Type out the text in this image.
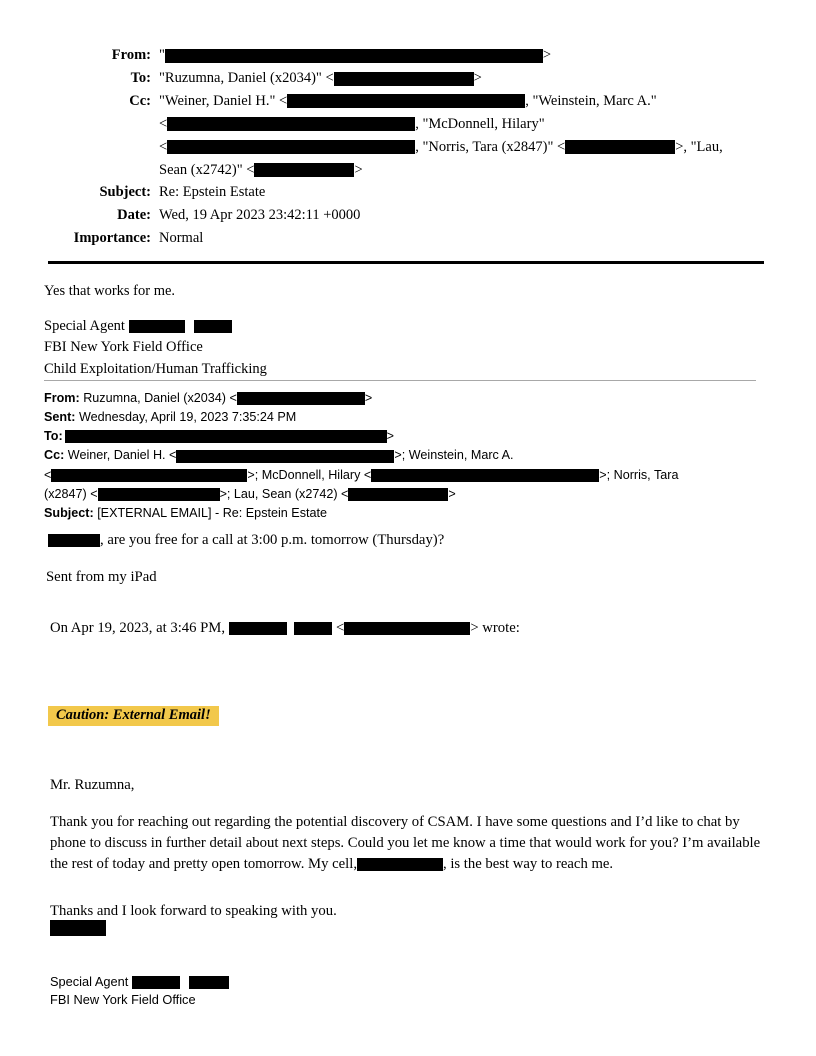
From: "	>
To: "Ruzumna, Daniel (x2034)" <	>
Cc: "Weiner, Daniel H." <	, "Weinstein, Marc A."
<	, "McDonnell, Hilary"
<	, "Norris, Tara (x2847)" <	>, "Lau,
Sean (x2742)" <	>
Subject: Re: Epstein Estate
Date: Wed, 19 Apr 2023 23:42:11 +0000
Importance: Normal
Yes that works for me.
Special Agent
FBI New York Field Office
Child Exploitation/Human Trafficking
From: Ruzumna, Daniel (x2034) <	>
Sent: Wednesday, April 19, 2023 7:35:24 PM
To:	>
Cc: Weiner, Daniel H. <	>; Weinstein, Marc A.
<	>; McDonnell, Hilary <	>; Norris, Tara
(x2847) <	>; Lau, Sean (x2742) <	>
Subject: [EXTERNAL EMAIL] - Re: Epstein Estate
, are you free for a call at 3:00 p.m. tomorrow (Thursday)?
Sent from my iPad
On Apr 19, 2023, at 3:46 PM,	<	> wrote:
Caution: External Email!
Mr. Ruzumna,
Thank you for reaching out regarding the potential discovery of CSAM. I have some questions and I’d like to chat by phone to discuss in further detail about next steps. Could you let me know a time that would work for you? I’m available the rest of today and pretty open tomorrow. My cell,	, is the best way to reach me.
Thanks and I look forward to speaking with you.
Special Agent
FBI New York Field Office
